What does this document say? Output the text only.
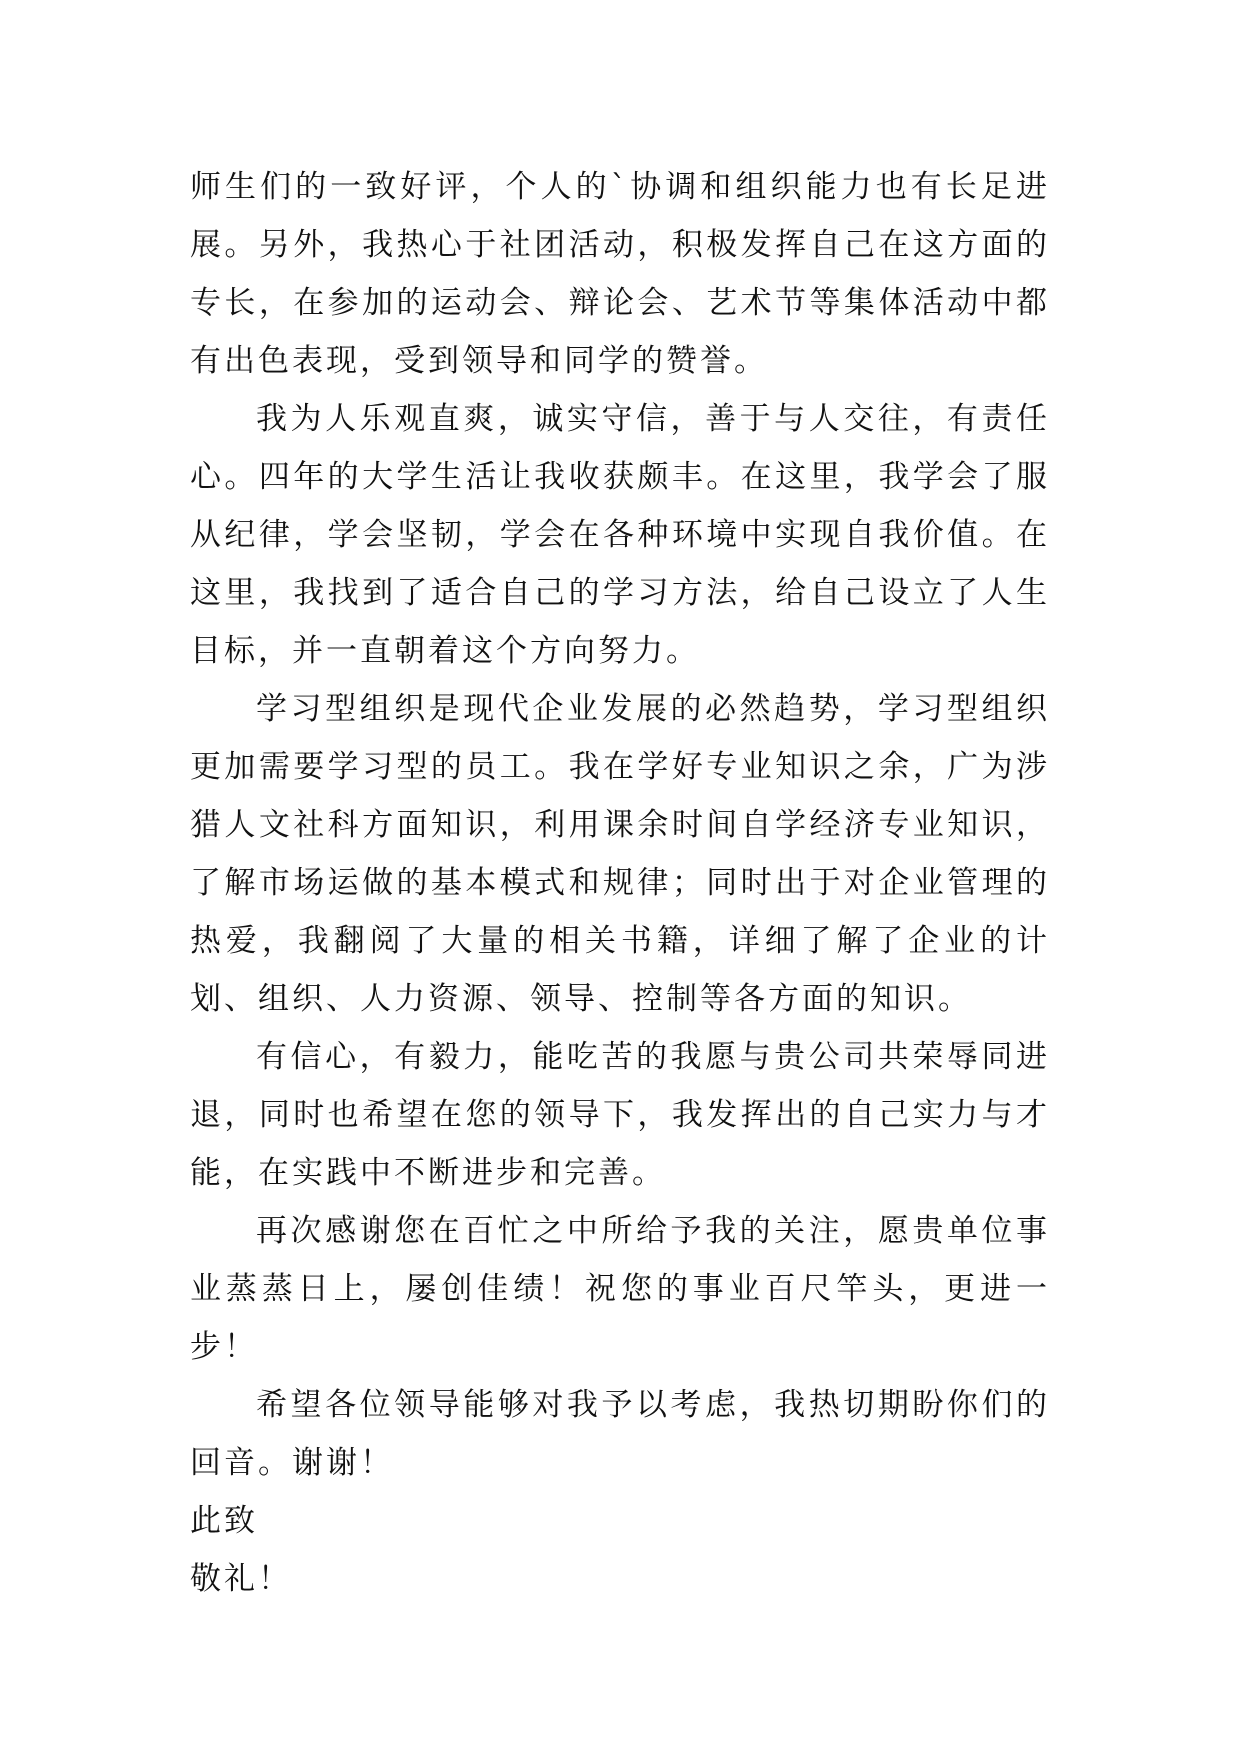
师生们的一致好评，个人的`协调和组织能力也有长足进展。另外，我热心于社团活动，积极发挥自己在这方面的专长，在参加的运动会、辩论会、艺术节等集体活动中都有出色表现，受到领导和同学的赞誉。

我为人乐观直爽，诚实守信，善于与人交往，有责任心。四年的大学生活让我收获颇丰。在这里，我学会了服从纪律，学会坚韧，学会在各种环境中实现自我价值。在这里，我找到了适合自己的学习方法，给自己设立了人生目标，并一直朝着这个方向努力。

学习型组织是现代企业发展的必然趋势，学习型组织更加需要学习型的员工。我在学好专业知识之余，广为涉猎人文社科方面知识，利用课余时间自学经济专业知识，了解市场运做的基本模式和规律；同时出于对企业管理的热爱，我翻阅了大量的相关书籍，详细了解了企业的计划、组织、人力资源、领导、控制等各方面的知识。

有信心，有毅力，能吃苦的我愿与贵公司共荣辱同进退，同时也希望在您的领导下，我发挥出的自己实力与才能，在实践中不断进步和完善。

再次感谢您在百忙之中所给予我的关注，愿贵单位事业蒸蒸日上，屡创佳绩！祝您的事业百尺竿头，更进一步！

希望各位领导能够对我予以考虑，我热切期盼你们的回音。谢谢！

此致

敬礼！
